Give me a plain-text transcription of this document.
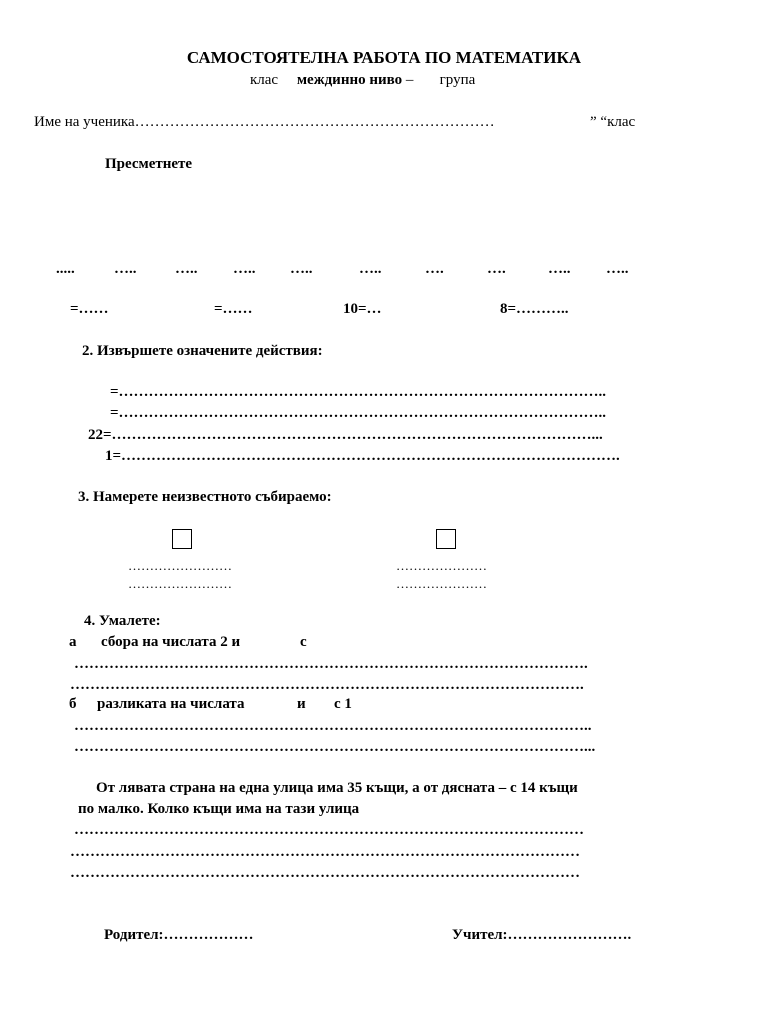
САМОСТОЯТЕЛНА РАБОТА ПО МАТЕМАТИКА
клас междинно ниво – група
Име на ученика………………………………………………………………	” “клас
Пресметнете
.....	…..	….. ….. …..	…..	….	….	….. …..
=……	=……	10=…	8=………..
2. Извършете означените действия:
=……………………………………………………………………………………..
=……………………………………………………………………………………..
22=……………………………………………………………………………………...
1=……………………………………………………………………………………….
3. Намерете неизвестното събираемо:
……………………
……………………
…………………
…………………
4. Умалете:
а сбора на числата 2 и	с
………………………………………………………………………………………….
………………………………………………………………………………………….
б разликата на числата	и с 1
…………………………………………………………………………………………..
…………………………………………………………………………………………...
От лявата страна на една улица има 35 къщи, а от дясната – с 14 къщи
по малко. Колко къщи има на тази улица
…………………………………………………………………………………………
…………………………………………………………………………………………
…………………………………………………………………………………………
Родител:………………	Учител:…………………….
